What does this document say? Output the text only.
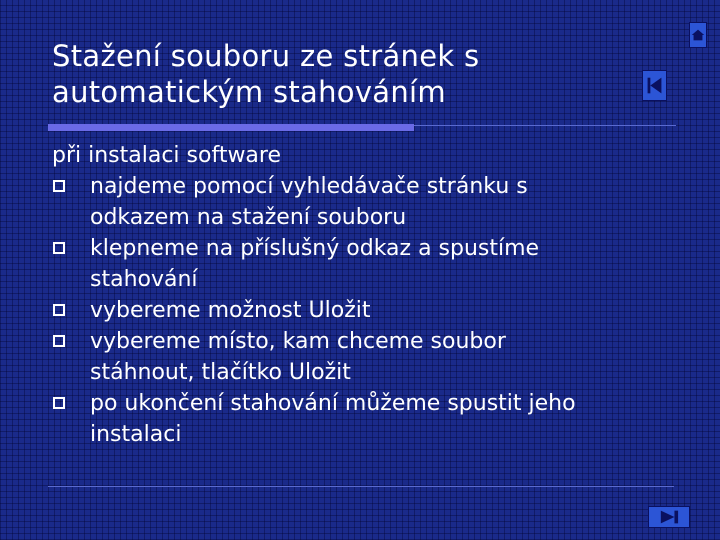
Stažení souboru ze stránek s
automatickým stahováním
při instalaci software
najdeme pomocí vyhledávače stránku s
odkazem na stažení souboru
klepneme na příslušný odkaz a spustíme
stahování
vybereme možnost Uložit
vybereme místo, kam chceme soubor
stáhnout, tlačítko Uložit
po ukončení stahování můžeme spustit jeho
instalaci
